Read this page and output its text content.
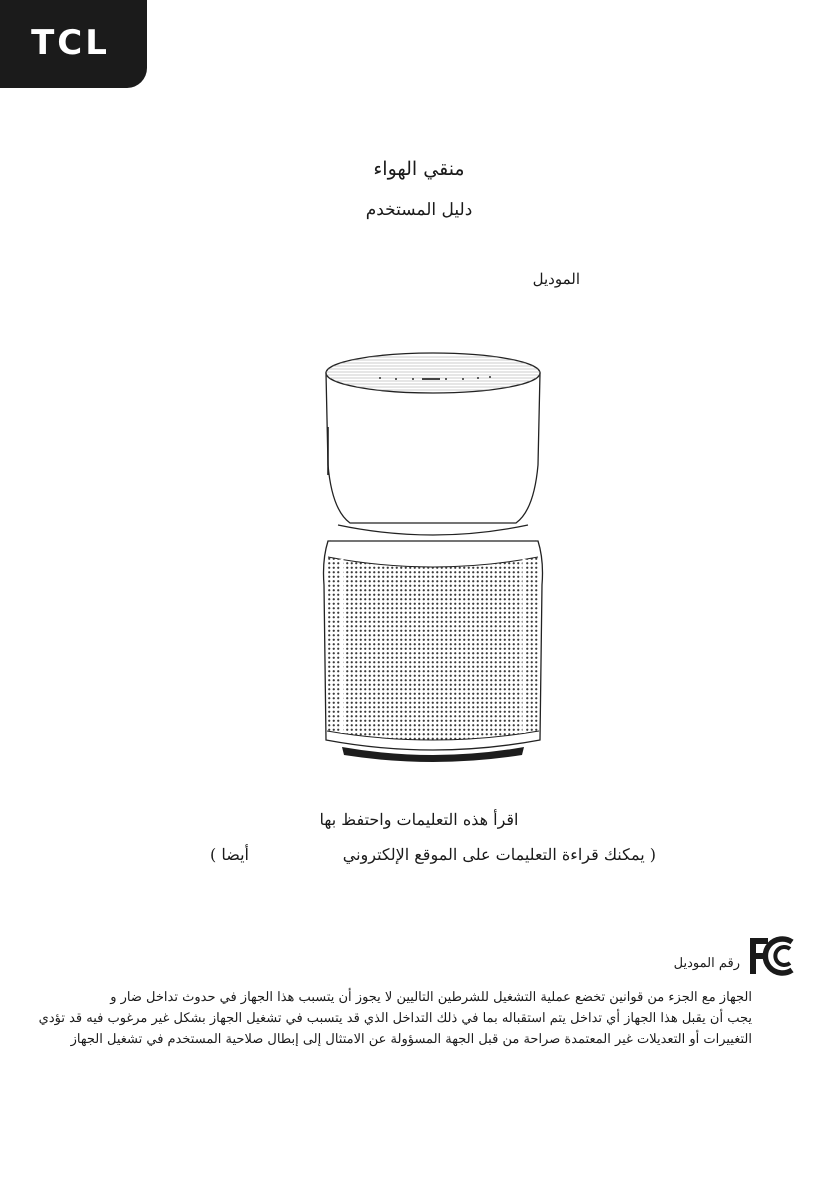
TCL
منقي الهواء
دليل المستخدم
الموديل
اقرأ هذه التعليمات واحتفظ بها
( يمكنك قراءة التعليمات على الموقع الإلكتروني
أيضا )
FC
رقم الموديل
الجهاز مع الجزء من قوانين تخضع عملية التشغيل للشرطين التاليين لا يجوز أن يتسبب هذا الجهاز في حدوث تداخل ضار و
يجب أن يقبل هذا الجهاز أي تداخل يتم استقباله بما في ذلك التداخل الذي قد يتسبب في تشغيل الجهاز بشكل غير مرغوب فيه قد تؤدي
التغييرات أو التعديلات غير المعتمدة صراحة من قبل الجهة المسؤولة عن الامتثال إلى إبطال صلاحية المستخدم في تشغيل الجهاز
